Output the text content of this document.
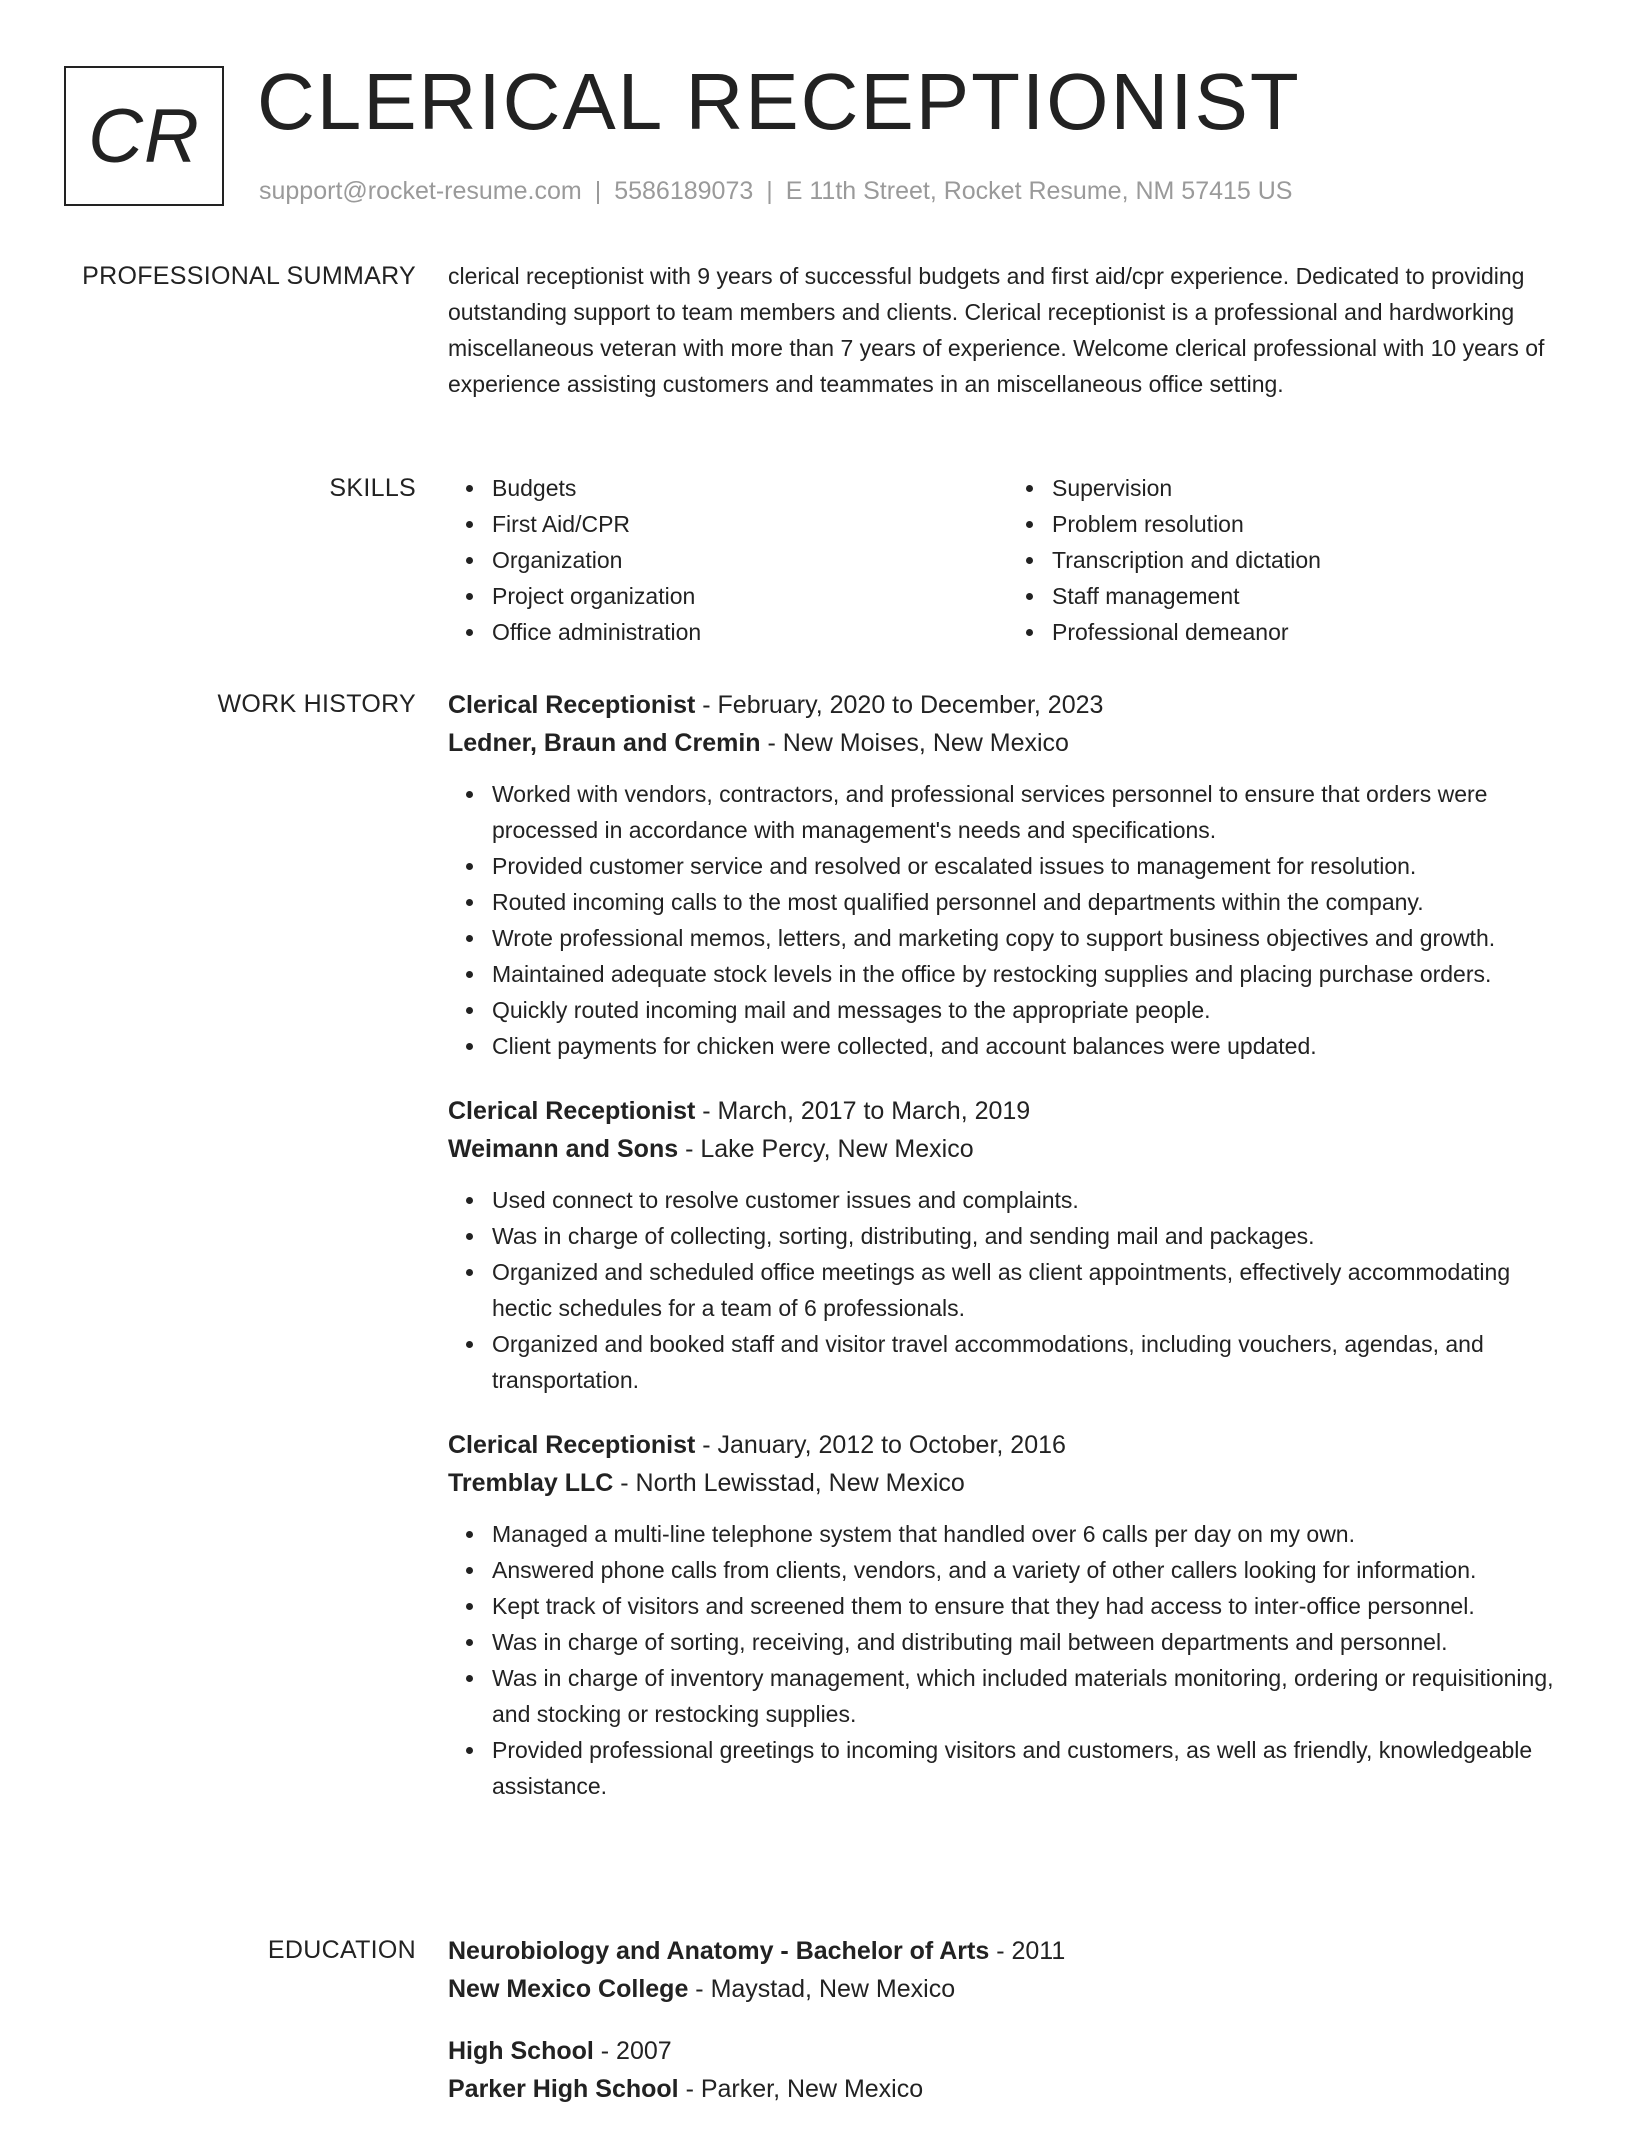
CR CLERICAL RECEPTIONIST
support@rocket-resume.com | 5586189073 | E 11th Street, Rocket Resume, NM 57415 US
PROFESSIONAL SUMMARY clerical receptionist with 9 years of successful budgets and first aid/cpr experience. Dedicated to providing outstanding support to team members and clients. Clerical receptionist is a professional and hardworking miscellaneous veteran with more than 7 years of experience. Welcome clerical professional with 10 years of experience assisting customers and teammates in an miscellaneous office setting.

SKILLS	Budgets
First Aid/CPR
Organization
Project organization
Office administration
Supervision
Problem resolution
Transcription and dictation
Staff management
Professional demeanor
WORK HISTORY Clerical Receptionist - February, 2020 to December, 2023
Ledner, Braun and Cremin - New Moises, New Mexico
Worked with vendors, contractors, and professional services personnel to ensure that orders were processed in accordance with management's needs and specifications.
Provided customer service and resolved or escalated issues to management for resolution.
Routed incoming calls to the most qualified personnel and departments within the company.
Wrote professional memos, letters, and marketing copy to support business objectives and growth.
Maintained adequate stock levels in the office by restocking supplies and placing purchase orders.
Quickly routed incoming mail and messages to the appropriate people.
Client payments for chicken were collected, and account balances were updated.
Clerical Receptionist - March, 2017 to March, 2019
Weimann and Sons - Lake Percy, New Mexico
Used connect to resolve customer issues and complaints.
Was in charge of collecting, sorting, distributing, and sending mail and packages.
Organized and scheduled office meetings as well as client appointments, effectively accommodating hectic schedules for a team of 6 professionals.
Organized and booked staff and visitor travel accommodations, including vouchers, agendas, and transportation.
Clerical Receptionist - January, 2012 to October, 2016
Tremblay LLC - North Lewisstad, New Mexico
Managed a multi-line telephone system that handled over 6 calls per day on my own.
Answered phone calls from clients, vendors, and a variety of other callers looking for information.
Kept track of visitors and screened them to ensure that they had access to inter-office personnel.
Was in charge of sorting, receiving, and distributing mail between departments and personnel.
Was in charge of inventory management, which included materials monitoring, ordering or requisitioning, and stocking or restocking supplies.
Provided professional greetings to incoming visitors and customers, as well as friendly, knowledgeable assistance.
EDUCATION Neurobiology and Anatomy - Bachelor of Arts - 2011
New Mexico College - Maystad, New Mexico
High School - 2007
Parker High School - Parker, New Mexico
